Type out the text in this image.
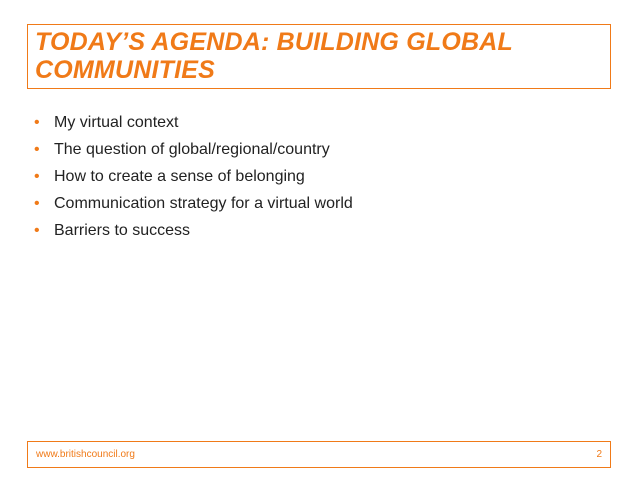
TODAY’S AGENDA: BUILDING GLOBAL
COMMUNITIES
• My virtual context
• The question of global/regional/country
• How to create a sense of belonging
• Communication strategy for a virtual world
• Barriers to success
www.britishcouncil.org	2
